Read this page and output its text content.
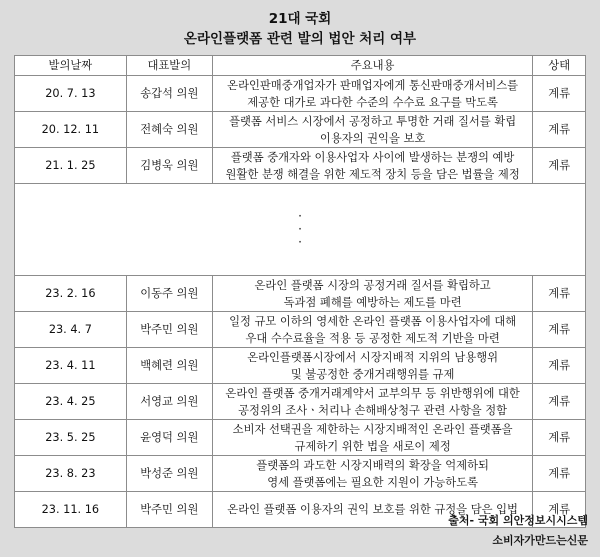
21대 국회
온라인플랫폼 관련 발의 법안 처리 여부
발의날짜	대표발의	주요내용	상태
20. 7. 13	송갑석 의원	온라인판매중개업자가 판매업자에게 통신판매중개서비스를
제공한 대가로 과다한 수준의 수수료 요구를 막도록	계류
20. 12. 11	전혜숙 의원	플랫폼 서비스 시장에서 공정하고 투명한 거래 질서를 확립
이용자의 권익을 보호	계류
21. 1. 25	김병욱 의원	플랫폼 중개자와 이용사업자 사이에 발생하는 분쟁의 예방
원활한 분쟁 해결을 위한 제도적 장치 등을 담은 법률을 제정	계류

·
·
·			

23. 2. 16	이동주 의원	온라인 플랫폼 시장의 공정거래 질서를 확립하고
독과점 폐해를 예방하는 제도를 마련	계류
23. 4. 7	박주민 의원	일정 규모 이하의 영세한 온라인 플랫폼 이용사업자에 대해
우대 수수료율을 적용 등 공정한 제도적 기반을 마련	계류
23. 4. 11	백혜련 의원	온라인플랫폼시장에서 시장지배적 지위의 남용행위
및 불공정한 중개거래행위를 규제	계류
23. 4. 25	서영교 의원	온라인 플랫폼 중개거래계약서 교부의무 등 위반행위에 대한
공정위의 조사ㆍ처리나 손해배상청구 관련 사항을 정함	계류
23. 5. 25	윤영덕 의원	소비자 선택권을 제한하는 시장지배적인 온라인 플랫폼을
규제하기 위한 법을 새로이 제정	계류
23. 8. 23	박성준 의원	플랫폼의 과도한 시장지배력의 확장을 억제하되
영세 플랫폼에는 필요한 지원이 가능하도록	계류
23. 11. 16	박주민 의원	온라인 플랫폼 이용자의 권익 보호를 위한 규정을 담은 입법	계류
출처- 국회 의안정보시시스템
소비자가만드는신문
